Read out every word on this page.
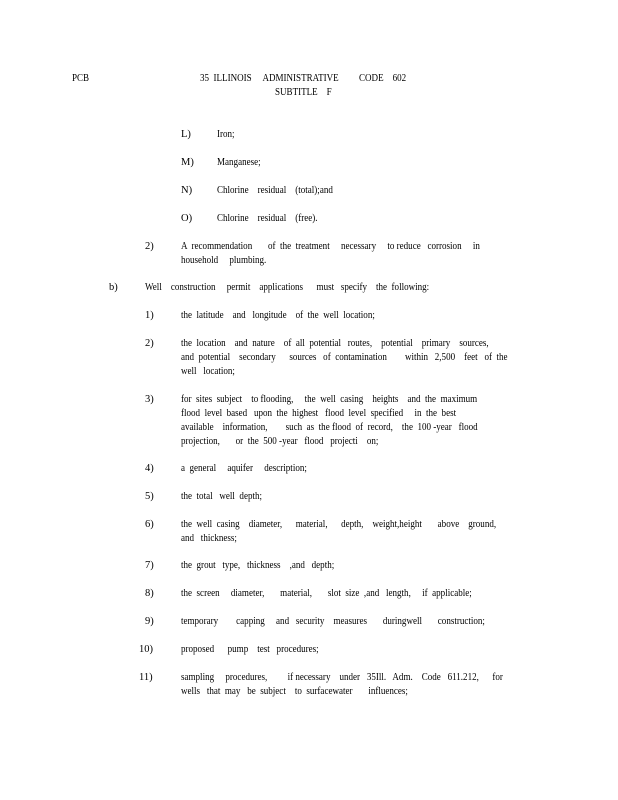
PCB	35  ILLINOIS     ADMINISTRATIVE         CODE    602
SUBTITLE    F
L) Iron;
M) Manganese;
N) Chlorine    residual    (total);and
O) Chlorine    residual    (free).
2)	A  recommendation       of  the  treatment     necessary     to reduce   corrosion     in
household     plumbing.
b)	Well    construction     permit    applications      must   specify    the  following:
1)	the  latitude    and   longitude    of  the  well  location;
2)	the  location    and  nature    of  all  potential   routes,    potential    primary    sources,
and  potential    secondary      sources   of  contamination        within   2,500    feet   of  the
well   location;
3)	for  sites  subject    to flooding,     the  well  casing    heights    and  the  maximum
flood  level  based   upon  the  highest   flood  level  specified     in  the  best
available    information,        such  as  the flood  of  record,    the  100 -year   flood
projection,       or  the  500 -year   flood   projecti    on;
4)	a  general     aquifer     description;
5)	the  total   well  depth;
6)	the  well  casing    diameter,      material,      depth,    weight,height       above    ground,
and   thickness;
7)	the  grout   type,   thickness    ,and   depth;
8)	the  screen     diameter,       material,       slot  size  ,and   length,     if  applicable;
9)	temporary        capping     and   security    measures       duringwell       construction;
10)	proposed      pump    test   procedures;
11)	sampling     procedures,         if necessary    under   35Ill.   Adm.    Code   611.212,      for
wells   that  may   be  subject    to  surfacewater       influences;
